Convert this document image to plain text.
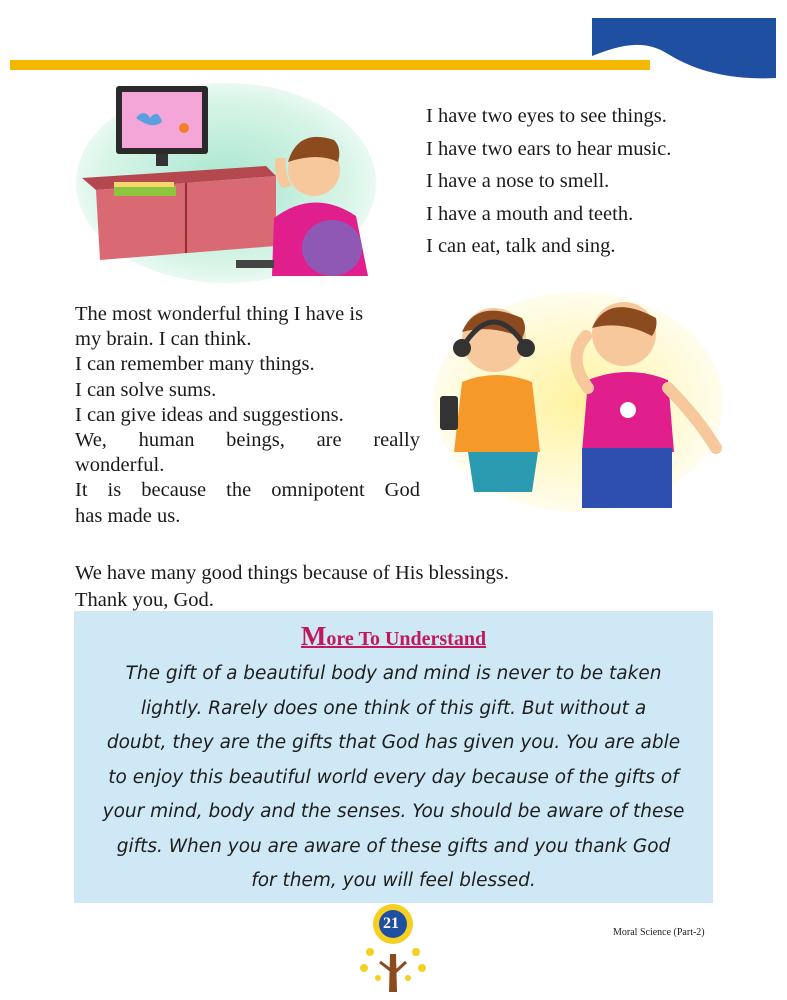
I have two eyes to see things.
I have two ears to hear music.
I have a nose to smell.
I have a mouth and teeth.
I can eat, talk and sing.
The most wonderful thing I have is
my brain. I can think.
I can remember many things.
I can solve sums.
I can give ideas and suggestions.
We, human beings, are really
wonderful.
It is because the omnipotent God
has made us.
We have many good things because of His blessings.
Thank you, God.
More To Understand
The gift of a beautiful body and mind is never to be taken
lightly. Rarely does one think of this gift. But without a
doubt, they are the gifts that God has given you. You are able
to enjoy this beautiful world every day because of the gifts of
your mind, body and the senses. You should be aware of these
gifts. When you are aware of these gifts and you thank God
for them, you will feel blessed.
21
Moral Science (Part-2)
